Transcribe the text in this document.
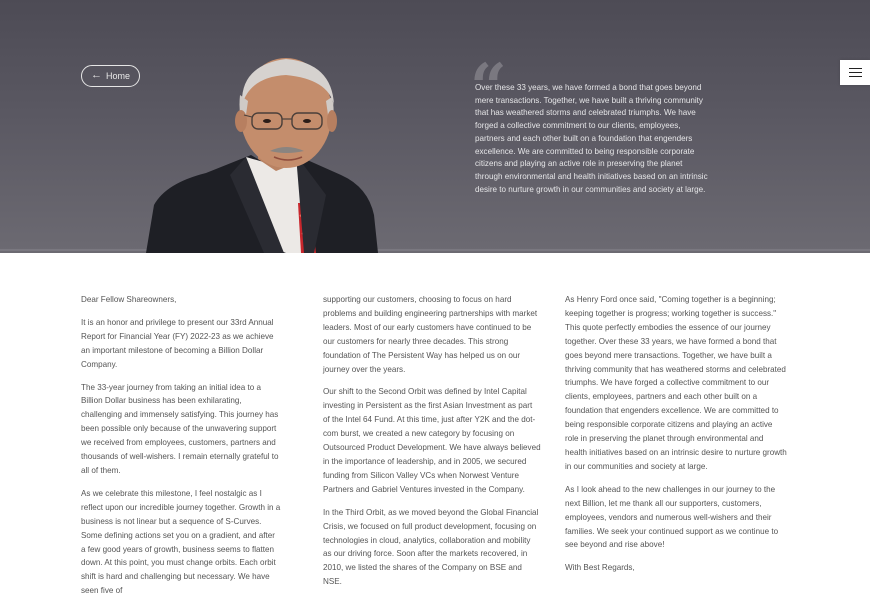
← Home	“

Over these 33 years, we have formed a bond that goes beyond mere transactions. Together, we have built a thriving community that has weathered storms and celebrated triumphs. We have forged a collective commitment to our clients, employees, partners and each other built on a foundation that engenders excellence. We are committed to being responsible corporate citizens and playing an active role in preserving the planet through environmental and health initiatives based on an intrinsic desire to nurture growth in our communities and society at large.

Dear Fellow Shareowners,

It is an honor and privilege to present our 33rd Annual Report for Financial Year (FY) 2022-23 as we achieve an important milestone of becoming a Billion Dollar Company.

The 33-year journey from taking an initial idea to a Billion Dollar business has been exhilarating, challenging and immensely satisfying. This journey has been possible only because of the unwavering support we received from employees, customers, partners and thousands of well-wishers. I remain eternally grateful to all of them.

As we celebrate this milestone, I feel nostalgic as I reflect upon our incredible journey together. Growth in a business is not linear but a sequence of S-Curves. Some defining actions set you on a gradient, and after a few good years of growth, business seems to flatten down. At this point, you must change orbits. Each orbit shift is hard and challenging but necessary. We have seen five of

supporting our customers, choosing to focus on hard problems and building engineering partnerships with market leaders. Most of our early customers have continued to be our customers for nearly three decades. This strong foundation of The Persistent Way has helped us on our journey over the years.

Our shift to the Second Orbit was defined by Intel Capital investing in Persistent as the first Asian Investment as part of the Intel 64 Fund. At this time, just after Y2K and the dot-com burst, we created a new category by focusing on Outsourced Product Development. We have always believed in the importance of leadership, and in 2005, we secured funding from Silicon Valley VCs when Norwest Venture Partners and Gabriel Ventures invested in the Company.

In the Third Orbit, as we moved beyond the Global Financial Crisis, we focused on full product development, focusing on technologies in cloud, analytics, collaboration and mobility as our driving force. Soon after the markets recovered, in 2010, we listed the shares of the Company on BSE and NSE.

As Henry Ford once said, "Coming together is a beginning; keeping together is progress; working together is success." This quote perfectly embodies the essence of our journey together. Over these 33 years, we have formed a bond that goes beyond mere transactions. Together, we have built a thriving community that has weathered storms and celebrated triumphs. We have forged a collective commitment to our clients, employees, partners and each other built on a foundation that engenders excellence. We are committed to being responsible corporate citizens and playing an active role in preserving the planet through environmental and health initiatives based on an intrinsic desire to nurture growth in our communities and society at large.

As I look ahead to the new challenges in our journey to the next Billion, let me thank all our supporters, customers, employees, vendors and numerous well-wishers and their families. We seek your continued support as we continue to see beyond and rise above!

With Best Regards,
